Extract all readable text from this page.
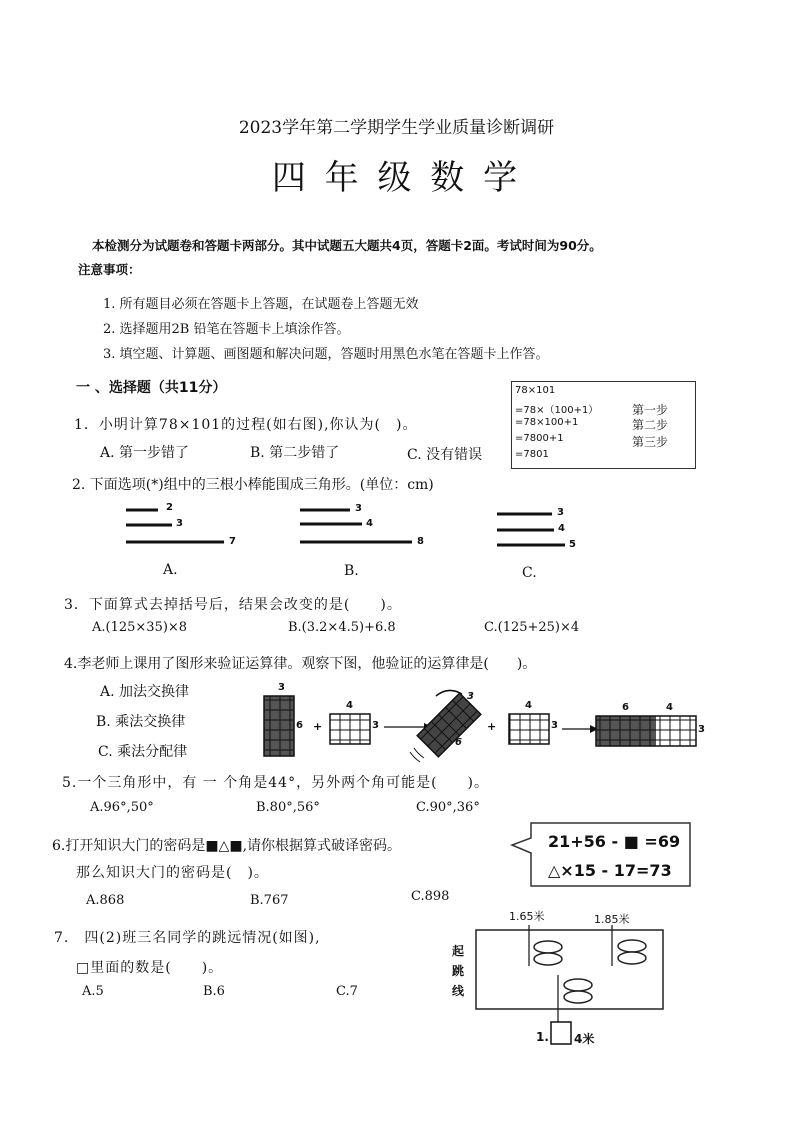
2023学年第二学期学生学业质量诊断调研
四 年 级 数 学
本检测分为试题卷和答题卡两部分。其中试题五大题共4页，答题卡2面。考试时间为90分。
注意事项：
1. 所有题目必须在答题卡上答题，在试题卷上答题无效
2. 选择题用2B 铅笔在答题卡上填涂作答。
3. 填空题、计算题、画图题和解决问题，答题时用黑色水笔在答题卡上作答。
一 、选择题（共11分）
1．小明计算78×101的过程(如右图),你认为(　)。
A. 第一步错了	B. 第二步错了	C. 没有错误
78×101
=78×（100+1）
=78×100+1
=7800+1
=7801
第一步
第二步
第三步
2. 下面选项(*)组中的三根小棒能围成三角形。(单位：cm)
2
3
7
3
4
8
3
4
5
A.	B.	C.
3．下面算式去掉括号后，结果会改变的是(　　)。
A.(125×35)×8	B.(3.2×4.5)+6.8	C.(125+25)×4
4.李老师上课用了图形来验证运算律。观察下图，他验证的运算律是(　　)。
A. 加法交换律
B. 乘法交换律
C. 乘法分配律
3
6 +
4
3
3
6
+
4
3
6	4
3
5.一个三角形中，有 一 个角是44°，另外两个角可能是(　　)。
A.96°,50°	B.80°,56°	C.90°,36°
6.打开知识大门的密码是■△■,请你根据算式破译密码。
那么知识大门的密码是(　)。
A.868	B.767	C.898
21+56 - ■ =69
△×15 - 17=73
7.　四(2)班三名同学的跳远情况(如图),
□里面的数是(　　)。
A.5	B.6	C.7
起
跳
线
1.65米	1.85米
1. 4米
